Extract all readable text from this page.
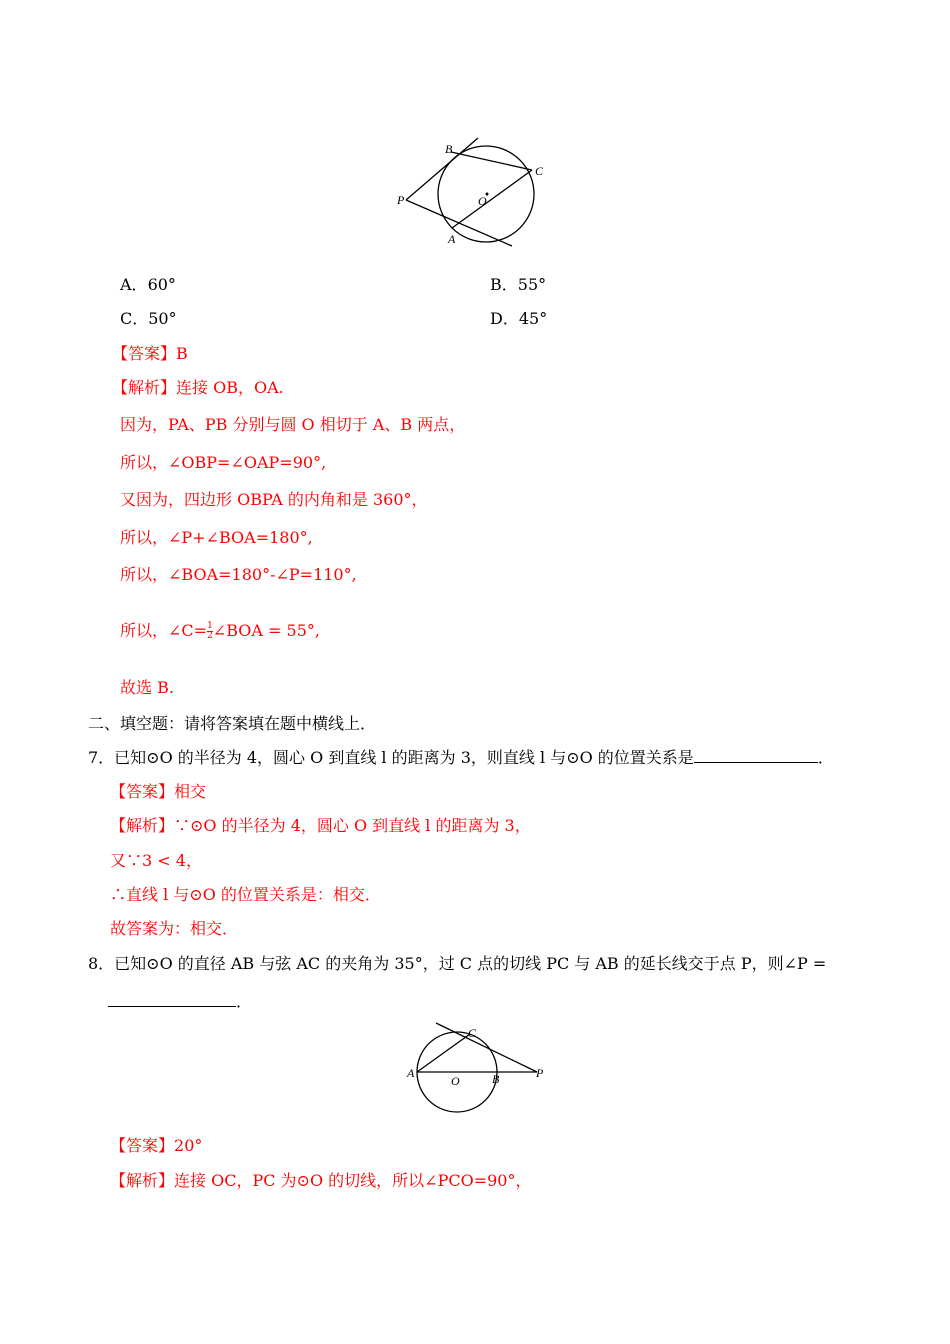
B
C
P	O
A
A．60°	B．55°
C．50°	D．45°
【答案】B
【解析】连接 OB，OA.
因为，PA、PB 分别与圆 O 相切于 A、B 两点，
所以，∠OBP=∠OAP=90°,
又因为，四边形 OBPA 的内角和是 360°，
所以，∠P+∠BOA=180°,
所以，∠BOA=180°-∠P=110°,
所以，∠C= $\frac{1}{2}$ ∠BOA = 55°,
故选 B.
二、填空题：请将答案填在题中横线上．
7．已知⊙O 的半径为 4，圆心 O 到直线 l 的距离为 3，则直线 l 与⊙O 的位置关系是	．
【答案】相交
【解析】∵⊙O 的半径为 4，圆心 O 到直线 l 的距离为 3，
又∵3 < 4，
∴直线 l 与⊙O 的位置关系是：相交．
故答案为：相交．
8．已知⊙O 的直径 AB 与弦 AC 的夹角为 35°，过 C 点的切线 PC 与 AB 的延长线交于点 P，则∠P =
．
C
A
O	B	P
【答案】20°
【解析】连接 OC，PC 为⊙O 的切线，所以∠PCO=90°，
